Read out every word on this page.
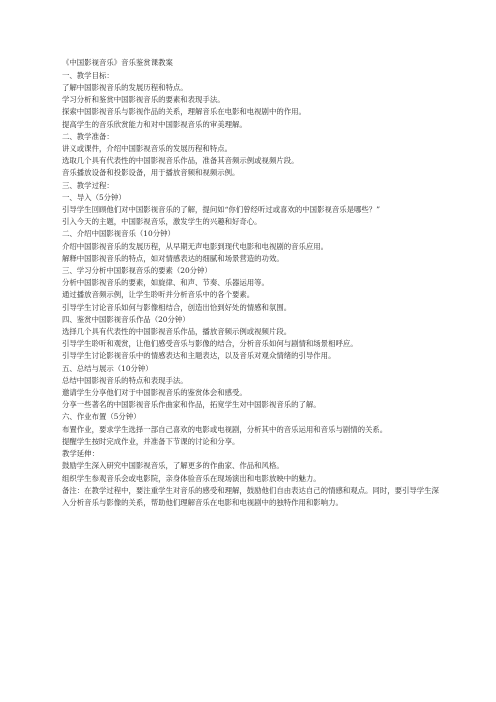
《中国影视音乐》音乐鉴赏课教案

一、教学目标：

了解中国影视音乐的发展历程和特点。

学习分析和鉴赏中国影视音乐的要素和表现手法。

探索中国影视音乐与影视作品的关系，理解音乐在电影和电视剧中的作用。

提高学生的音乐欣赏能力和对中国影视音乐的审美理解。

二、教学准备：

讲义或课件，介绍中国影视音乐的发展历程和特点。

选取几个具有代表性的中国影视音乐作品，准备其音频示例或视频片段。

音乐播放设备和投影设备，用于播放音频和视频示例。

三、教学过程：

一、导入（5分钟）

引导学生回顾他们对中国影视音乐的了解，提问如“你们曾经听过或喜欢的中国影视音乐是哪些？”

引入今天的主题，中国影视音乐，激发学生的兴趣和好奇心。

二、介绍中国影视音乐（10分钟）

介绍中国影视音乐的发展历程，从早期无声电影到现代电影和电视剧的音乐应用。

解释中国影视音乐的特点，如对情感表达的细腻和场景营造的功效。

三、学习分析中国影视音乐的要素（20分钟）

分析中国影视音乐的要素，如旋律、和声、节奏、乐器运用等。

通过播放音频示例，让学生聆听并分析音乐中的各个要素。

引导学生讨论音乐如何与影像相结合，创造出恰到好处的情感和氛围。

四、鉴赏中国影视音乐作品（20分钟）

选择几个具有代表性的中国影视音乐作品，播放音频示例或视频片段。

引导学生聆听和观赏，让他们感受音乐与影像的结合，分析音乐如何与剧情和场景相呼应。

引导学生讨论影视音乐中的情感表达和主题表达，以及音乐对观众情绪的引导作用。

五、总结与展示（10分钟）

总结中国影视音乐的特点和表现手法。

邀请学生分享他们对于中国影视音乐的鉴赏体会和感受。

分享一些著名的中国影视音乐作曲家和作品，拓宽学生对中国影视音乐的了解。

六、作业布置（5分钟）

布置作业，要求学生选择一部自己喜欢的电影或电视剧，分析其中的音乐运用和音乐与剧情的关系。

提醒学生按时完成作业，并准备下节课的讨论和分享。

教学延伸：

鼓励学生深入研究中国影视音乐，了解更多的作曲家、作品和风格。

组织学生参观音乐会或电影院，亲身体验音乐在现场演出和电影放映中的魅力。

备注：在教学过程中，要注重学生对音乐的感受和理解，鼓励他们自由表达自己的情感和观点。同时，要引导学生深入分析音乐与影像的关系，帮助他们理解音乐在电影和电视剧中的独特作用和影响力。
